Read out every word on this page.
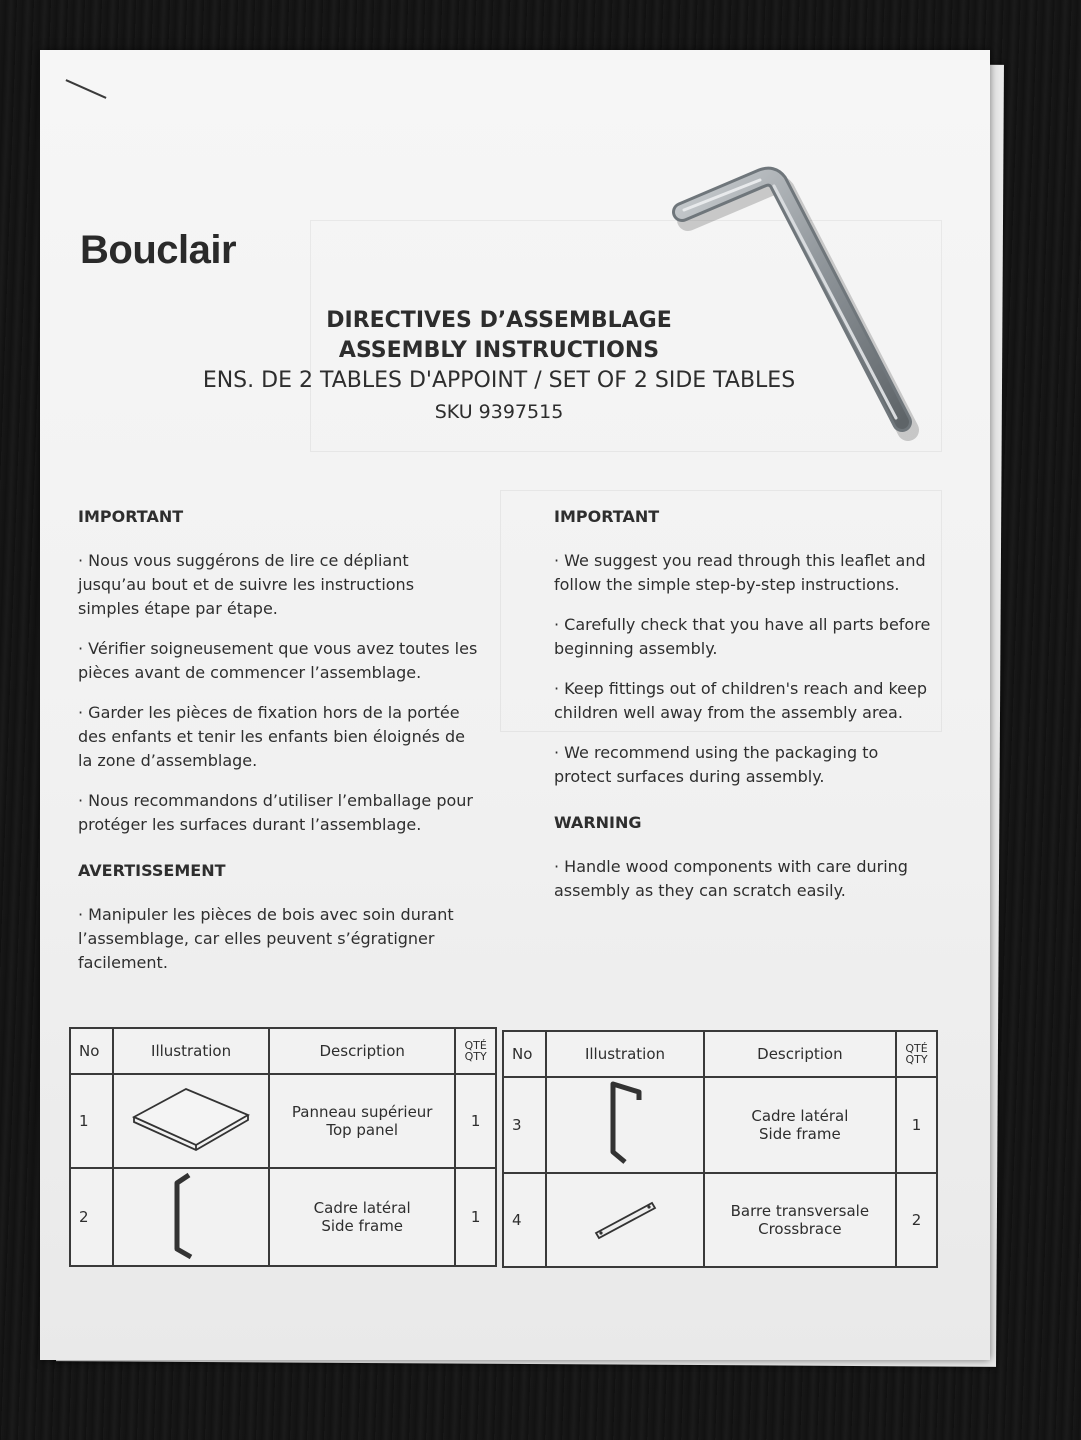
Bouclair
DIRECTIVES D’ASSEMBLAGE
ASSEMBLY INSTRUCTIONS
ENS. DE 2 TABLES D'APPOINT / SET OF 2 SIDE TABLES
SKU 9397515
IMPORTANT

· Nous vous suggérons de lire ce dépliant jusqu’au bout et de suivre les instructions simples étape par étape.

· Vérifier soigneusement que vous avez toutes les pièces avant de commencer l’assemblage.

· Garder les pièces de fixation hors de la portée des enfants et tenir les enfants bien éloignés de la zone d’assemblage.

· Nous recommandons d’utiliser l’emballage pour protéger les surfaces durant l’assemblage.

AVERTISSEMENT

· Manipuler les pièces de bois avec soin durant l’assemblage, car elles peuvent s’égratigner facilement.

IMPORTANT

· We suggest you read through this leaflet and follow the simple step-by-step instructions.

· Carefully check that you have all parts before beginning assembly.

· Keep fittings out of children's reach and keep children well away from the assembly area.

· We recommend using the packaging to protect surfaces during assembly.

WARNING

· Handle wood components with care during assembly as they can scratch easily.

No	Illustration	Description	QTÉ
QTY

1		Panneau supérieur
Top panel	1
2		Cadre latéral
Side frame	1
No	Illustration	Description	QTÉ
QTY

3		Cadre latéral
Side frame	1
4		Barre transversale
Crossbrace	2
